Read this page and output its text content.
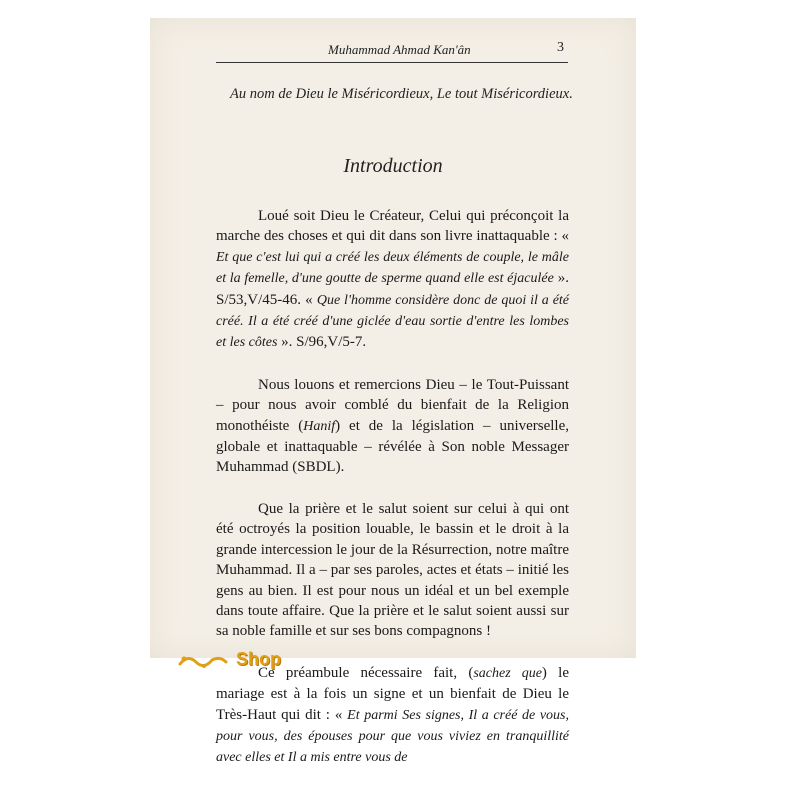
Muhammad Ahmad Kan'ân	3
Au nom de Dieu le Miséricordieux, Le tout Miséricordieux.
Introduction

Loué soit Dieu le Créateur, Celui qui préconçoit la marche des choses et qui dit dans son livre inattaquable : « Et que c'est lui qui a créé les deux éléments de couple, le mâle et la femelle, d'une goutte de sperme quand elle est éjaculée ». S/53,V/45-46. « Que l'homme considère donc de quoi il a été créé. Il a été créé d'une giclée d'eau sortie d'entre les lombes et les côtes ». S/96,V/5-7.

Nous louons et remercions Dieu – le Tout-Puissant – pour nous avoir comblé du bienfait de la Religion monothéiste (Hanif) et de la législation – universelle, globale et inattaquable – révélée à Son noble Messager Muhammad (SBDL).

Que la prière et le salut soient sur celui à qui ont été octroyés la position louable, le bassin et le droit à la grande intercession le jour de la Résurrection, notre maître Muhammad. Il a – par ses paroles, actes et états – initié les gens au bien. Il est pour nous un idéal et un bel exemple dans toute affaire. Que la prière et le salut soient aussi sur sa noble famille et sur ses bons compagnons !

Ce préambule nécessaire fait, (sachez que) le mariage est à la fois un signe et un bienfait de Dieu le Très-Haut qui dit : « Et parmi Ses signes, Il a créé de vous, pour vous, des épouses pour que vous viviez en tranquillité avec elles et Il a mis entre vous de

Shop
